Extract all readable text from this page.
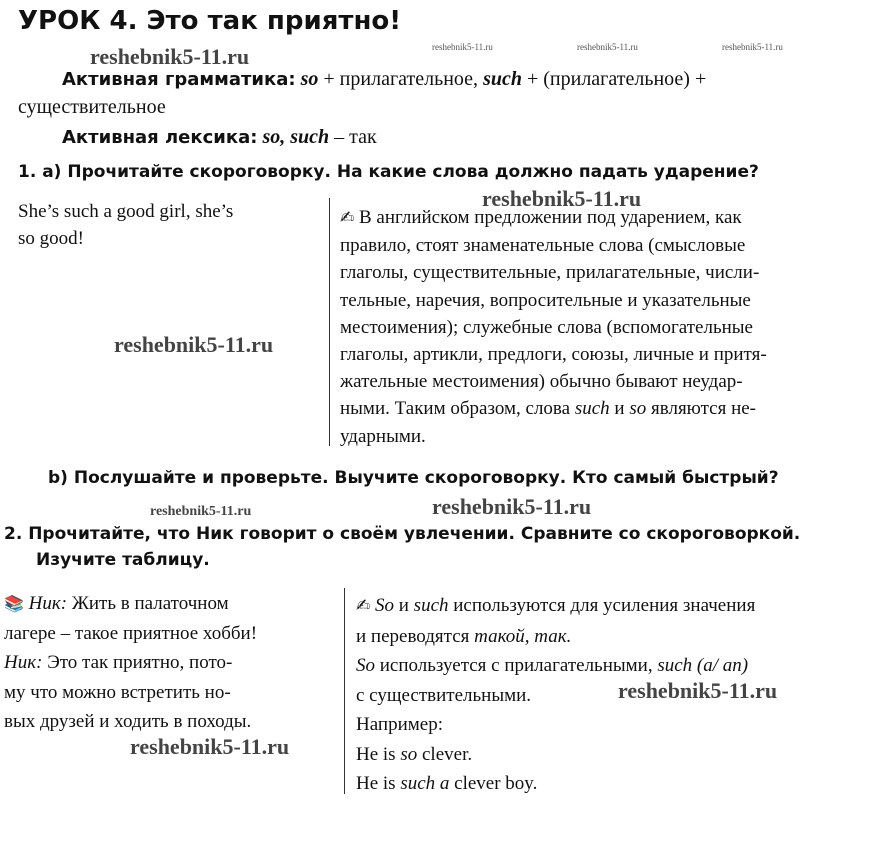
УРОК 4. Это так приятно!
reshebnik5-11.ru	reshebnik5-11.ru	reshebnik5-11.ru	reshebnik5-11.ru
Активная грамматика: so + прилагательное, such + (прилагательное) +
существительное
Активная лексика: so, such – так
1. a) Прочитайте скороговорку. На какие слова должно падать ударение?
reshebnik5-11.ru

She’s such a good girl, she’s

so good!

reshebnik5-11.ru

✍ В английском предложении под ударением, как

правило, стоят знаменательные слова (смысловые

глаголы, существительные, прилагательные, числи-

тельные, наречия, вопросительные и указательные

местоимения); служебные слова (вспомогательные

глаголы, артикли, предлоги, союзы, личные и притя-

жательные местоимения) обычно бывают неудар-

ными. Таким образом, слова such и so являются не-

ударными.

b) Послушайте и проверьте. Выучите скороговорку. Кто самый быстрый?
reshebnik5-11.ru	reshebnik5-11.ru
2. Прочитайте, что Ник говорит о своём увлечении. Сравните со скороговоркой.
Изучите таблицу.

📚 Ник: Жить в палаточном

лагере – такое приятное хобби!

Ник: Это так приятно, пото-

му что можно встретить но-

вых друзей и ходить в походы.

reshebnik5-11.ru

✍ So и such используются для усиления значения

и переводятся такой, так.

So используется с прилагательными, such (a/ an)

с существительными.

Например:

He is so clever.

He is such a clever boy.

reshebnik5-11.ru
